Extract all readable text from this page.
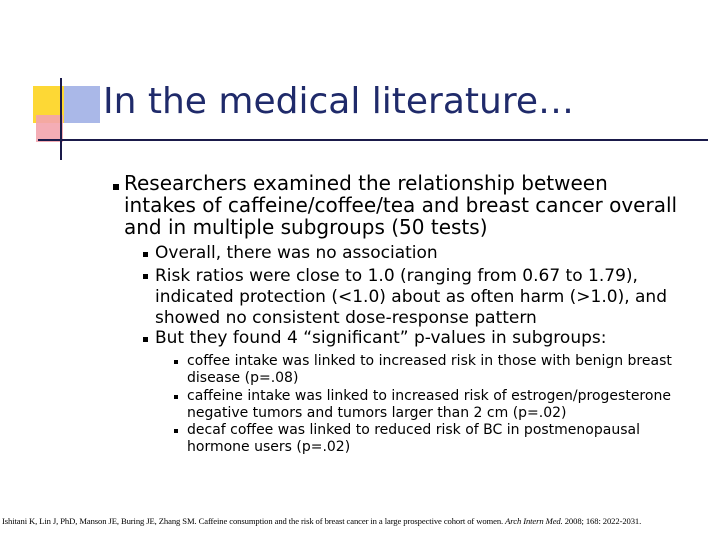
In the medical literature…

Researchers examined the relationship between intakes of caffeine/coffee/tea and breast cancer overall and in multiple subgroups (50 tests)

Overall, there was no association

Risk ratios were close to 1.0 (ranging from 0.67 to 1.79), indicated protection (<1.0) about as often harm (>1.0), and showed no consistent dose-response pattern

But they found 4 “significant” p-values in subgroups:

coffee intake was linked to increased risk in those with benign breast disease (p=.08)

caffeine intake was linked to increased risk of estrogen/progesterone negative tumors and tumors larger than 2 cm (p=.02)

decaf coffee was linked to reduced risk of BC in postmenopausal hormone users (p=.02)

Ishitani K, Lin J, PhD, Manson JE, Buring JE, Zhang SM. Caffeine consumption and the risk of breast cancer in a large prospective cohort of women. Arch Intern Med. 2008; 168: 2022-2031.
